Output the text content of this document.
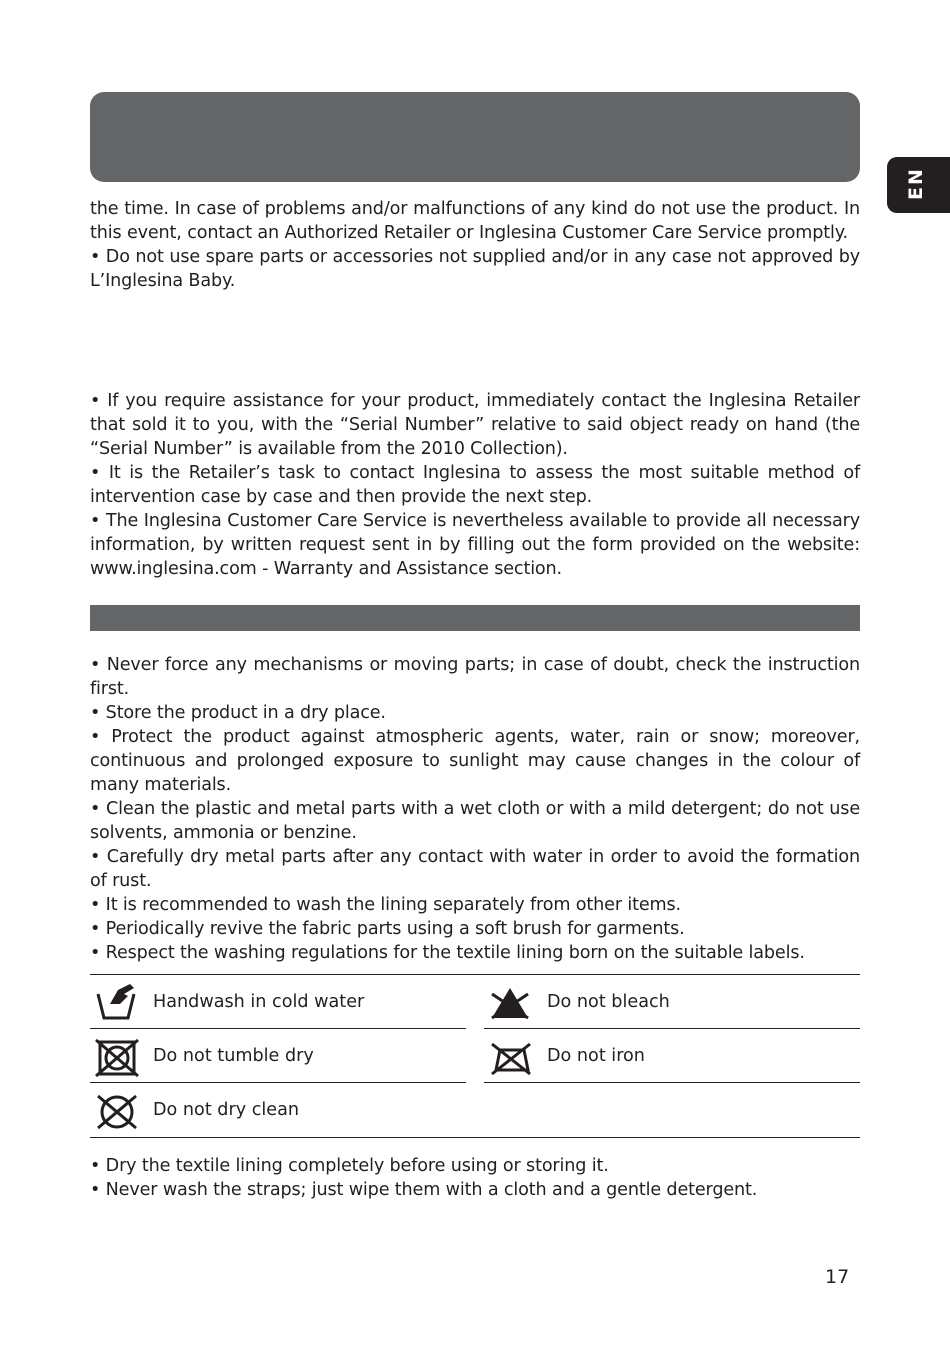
EN

the time. In case of problems and/or malfunctions of any kind do not use the product. In this event, contact an Authorized Retailer or Inglesina Customer Care Service promptly.

• Do not use spare parts or accessories not supplied and/or in any case not approved by L’Inglesina Baby.

• If you require assistance for your product, immediately contact the Inglesina Retailer that sold it to you, with the “Serial Number” relative to said object ready on hand (the “Serial Number” is available from the 2010 Collection).

• It is the Retailer’s task to contact Inglesina to assess the most suitable method of intervention case by case and then provide the next step.

• The Inglesina Customer Care Service is nevertheless available to provide all necessary information, by written request sent in by filling out the form provided on the website: www.inglesina.com - Warranty and Assistance section.

• Never force any mechanisms or moving parts; in case of doubt, check the instruction first.

• Store the product in a dry place.

• Protect the product against atmospheric agents, water, rain or snow; moreover, continuous and prolonged exposure to sunlight may cause changes in the colour of many materials.

• Clean the plastic and metal parts with a wet cloth or with a mild detergent; do not use solvents, ammonia or benzine.

• Carefully dry metal parts after any contact with water in order to avoid the formation of rust.

• It is recommended to wash the lining separately from other items.

• Periodically revive the fabric parts using a soft brush for garments.

• Respect the washing regulations for the textile lining born on the suitable labels.

Handwash in cold water	Do not bleach
Do not tumble dry	Do not iron
Do not dry clean

• Dry the textile lining completely before using or storing it.

• Never wash the straps; just wipe them with a cloth and a gentle detergent.

17
